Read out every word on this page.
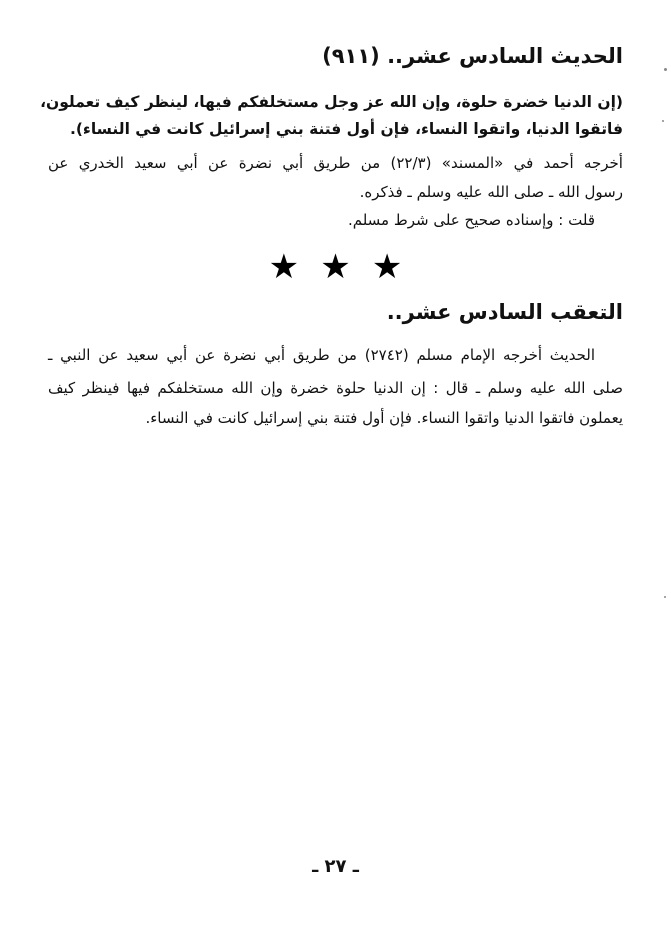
الحديث السادس عشر.. (٩١١)
(إن الدنيا خضرة حلوة، وإن الله عز وجل مستخلفكم فيها، لينظر كيف تعملون،
فاتقوا الدنيا، واتقوا النساء، فإن أول فتنة بني إسرائيل كانت في النساء).
أخرجه أحمد في «المسند» (٢٢/٣) من طريق أبي نضرة عن أبي سعيد الخدري عن
رسول الله ـ صلى الله عليه وسلم ـ فذكره.
قلت : وإسناده صحيح على شرط مسلم.
★ ★ ★
التعقب السادس عشر..
الحديث أخرجه الإمام مسلم (٢٧٤٢) من طريق أبي نضرة عن أبي سعيد عن النبي ـ
صلى الله عليه وسلم ـ قال : إن الدنيا حلوة خضرة وإن الله مستخلفكم فيها فينظر كيف
يعملون فاتقوا الدنيا واتقوا النساء. فإن أول فتنة بني إسرائيل كانت في النساء.
ـ ٢٧ ـ
